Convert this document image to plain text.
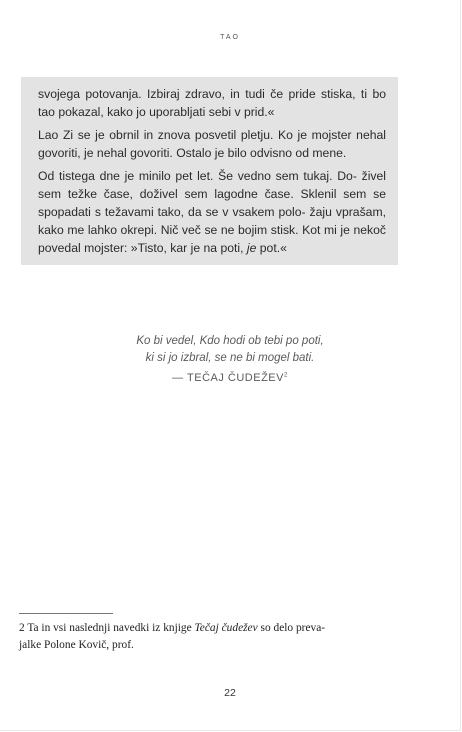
TAO

svojega potovanja. Izbiraj zdravo, in tudi če pride stiska, ti bo tao pokazal, kako jo uporabljati sebi v prid.«

Lao Zi se je obrnil in znova posvetil pletju. Ko je mojster nehal govoriti, je nehal govoriti. Ostalo je bilo odvisno od mene.

Od tistega dne je minilo pet let. Še vedno sem tukaj. Do- živel sem težke čase, doživel sem lagodne čase. Sklenil sem se spopadati s težavami tako, da se v vsakem polo- žaju vprašam, kako me lahko okrepi. Nič več se ne bojim stisk. Kot mi je nekoč povedal mojster: »Tisto, kar je na poti, je pot.«

Ko bi vedel, Kdo hodi ob tebi po poti,
ki si jo izbral, se ne bi mogel bati.
— TEČAJ ČUDEŽEV$^2$
2 Ta in vsi naslednji navedki iz knjige Tečaj čudežev so delo preva-
jalke Polone Kovič, prof.
22
